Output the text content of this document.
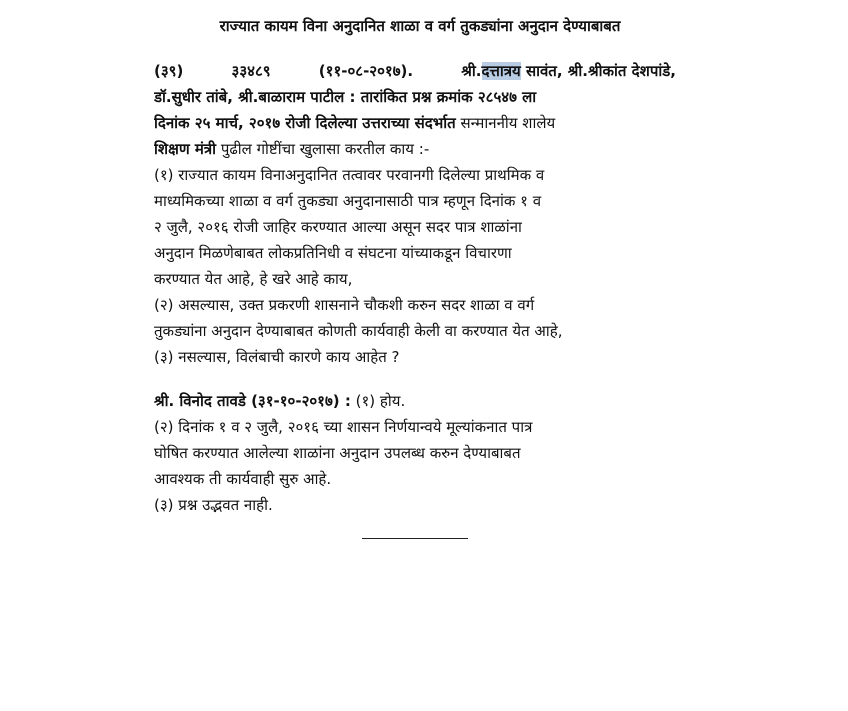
राज्यात कायम विना अनुदानित शाळा व वर्ग तुकड्यांना अनुदान देण्याबाबत
(३९)	३३४८९	(११-०८-२०१७).	श्री.दत्तात्रय सावंत, श्री.श्रीकांत देशपांडे,
डॉ.सुधीर तांबे, श्री.बाळाराम पाटील : तारांकित प्रश्न क्रमांक २८५४७ ला
दिनांक २५ मार्च, २०१७ रोजी दिलेल्या उत्तराच्या संदर्भात सन्माननीय शालेय
शिक्षण मंत्री पुढील गोष्टींचा खुलासा करतील काय :-
(१) राज्यात कायम विनाअनुदानित तत्वावर परवानगी दिलेल्या प्राथमिक व
माध्यमिकच्या शाळा व वर्ग तुकड्या अनुदानासाठी पात्र म्हणून दिनांक १ व
२ जुलै, २०१६ रोजी जाहिर करण्यात आल्या असून सदर पात्र शाळांना
अनुदान मिळणेबाबत लोकप्रतिनिधी व संघटना यांच्याकडून विचारणा
करण्यात येत आहे, हे खरे आहे काय,
(२) असल्यास, उक्त प्रकरणी शासनाने चौकशी करुन सदर शाळा व वर्ग
तुकड्यांना अनुदान देण्याबाबत कोणती कार्यवाही केली वा करण्यात येत आहे,
(३) नसल्यास, विलंबाची कारणे काय आहेत ?
श्री. विनोद तावडे (३१-१०-२०१७) : (१) होय.
(२) दिनांक १ व २ जुलै, २०१६ च्या शासन निर्णयान्वये मूल्यांकनात पात्र
घोषित करण्यात आलेल्या शाळांना अनुदान उपलब्ध करुन देण्याबाबत
आवश्यक ती कार्यवाही सुरु आहे.
(३) प्रश्न उद्भवत नाही.
